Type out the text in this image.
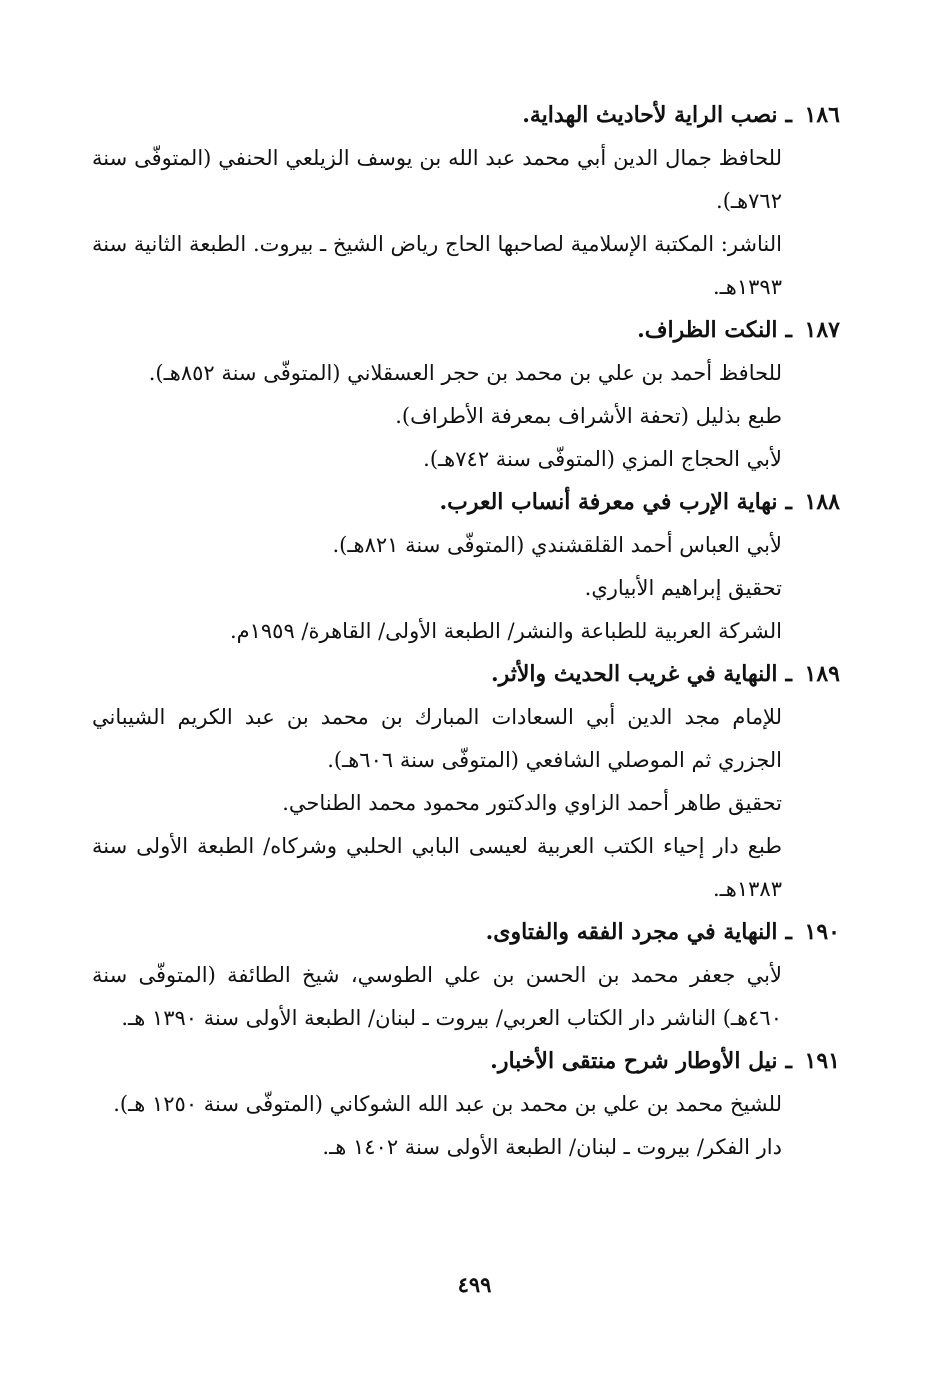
١٨٦
ـ
نصب الراية لأحاديث الهداية.

للحافظ جمال الدين أبي محمد عبد الله بن يوسف الزيلعي الحنفي (المتوفّى سنة ٧٦٢هـ).

الناشر: المكتبة الإسلامية لصاحبها الحاج رياض الشيخ ـ بيروت. الطبعة الثانية سنة ١٣٩٣هـ.

١٨٧
ـ
النكت الظراف.

للحافظ أحمد بن علي بن محمد بن حجر العسقلاني (المتوفّى سنة ٨٥٢هـ).

طبع بذليل (تحفة الأشراف بمعرفة الأطراف).

لأبي الحجاج المزي (المتوفّى سنة ٧٤٢هـ).

١٨٨
ـ
نهاية الإرب في معرفة أنساب العرب.

لأبي العباس أحمد القلقشندي (المتوفّى سنة ٨٢١هـ).

تحقيق إبراهيم الأبياري.

الشركة العربية للطباعة والنشر/ الطبعة الأولى/ القاهرة/ ١٩٥٩م.

١٨٩
ـ
النهاية في غريب الحديث والأثر.

للإمام مجد الدين أبي السعادات المبارك بن محمد بن عبد الكريم الشيباني الجزري ثم الموصلي الشافعي (المتوفّى سنة ٦٠٦هـ).

تحقيق طاهر أحمد الزاوي والدكتور محمود محمد الطناحي.

طبع دار إحياء الكتب العربية لعيسى البابي الحلبي وشركاه/ الطبعة الأولى سنة ١٣٨٣هـ.

١٩٠
ـ
النهاية في مجرد الفقه والفتاوى.

لأبي جعفر محمد بن الحسن بن علي الطوسي، شيخ الطائفة (المتوفّى سنة ٤٦٠هـ) الناشر دار الكتاب العربي/ بيروت ـ لبنان/ الطبعة الأولى سنة ١٣٩٠ هـ.

١٩١
ـ
نيل الأوطار شرح منتقى الأخبار.

للشيخ محمد بن علي بن محمد بن عبد الله الشوكاني (المتوفّى سنة ١٢٥٠ هـ).

دار الفكر/ بيروت ـ لبنان/ الطبعة الأولى سنة ١٤٠٢ هـ.

٤٩٩
